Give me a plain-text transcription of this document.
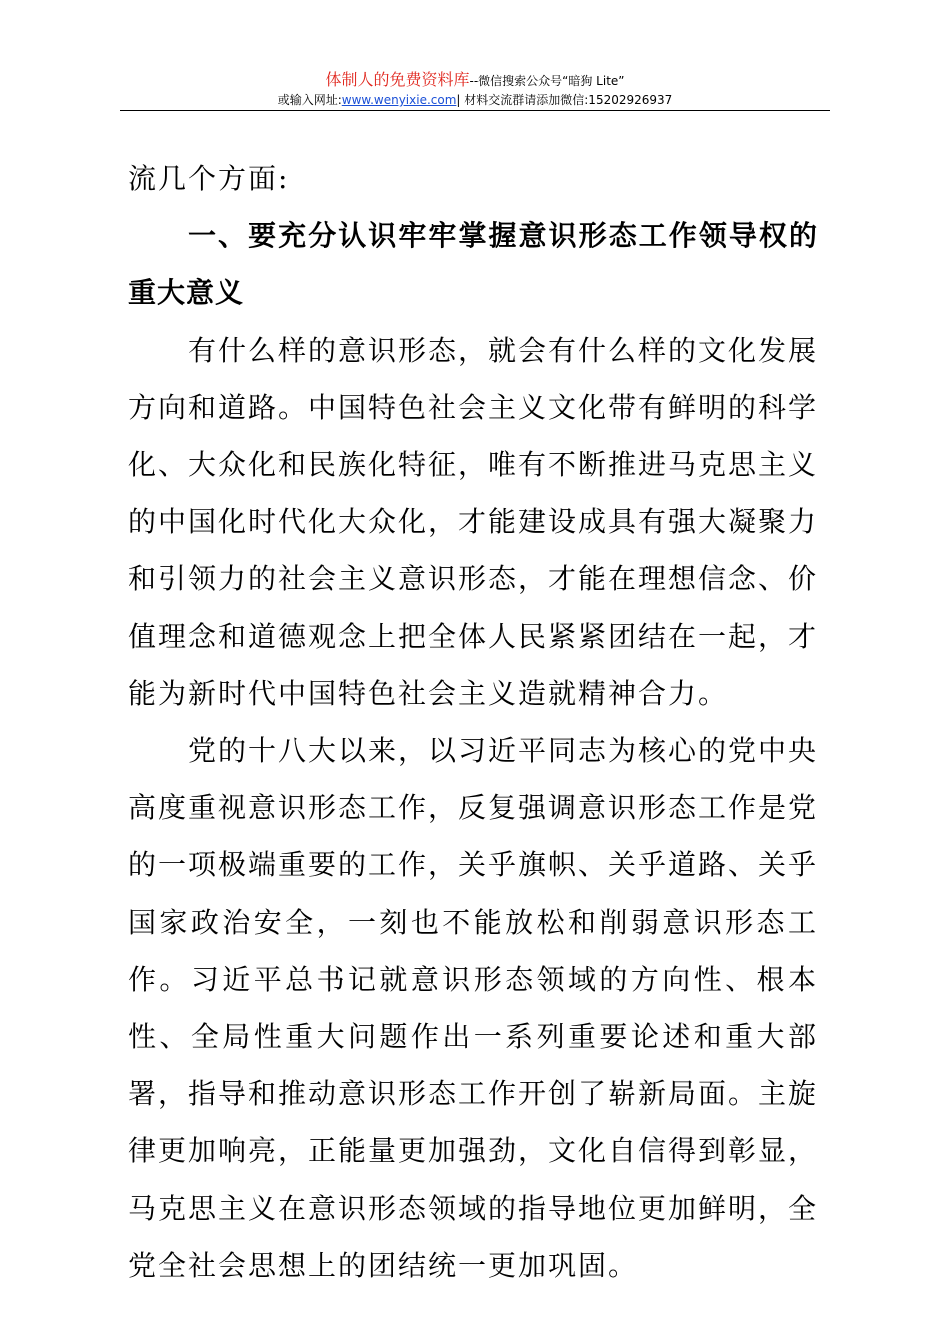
体制人的免费资料库--微信搜索公众号“暗狗 Lite”
或输入网址:www.wenyixie.com| 材料交流群请添加微信:15202926937

流几个方面:

一、要充分认识牢牢掌握意识形态工作领导权的重大意义

有什么样的意识形态，就会有什么样的文化发展方向和道路。中国特色社会主义文化带有鲜明的科学化、大众化和民族化特征，唯有不断推进马克思主义的中国化时代化大众化，才能建设成具有强大凝聚力和引领力的社会主义意识形态，才能在理想信念、价值理念和道德观念上把全体人民紧紧团结在一起，才能为新时代中国特色社会主义造就精神合力。

党的十八大以来，以习近平同志为核心的党中央高度重视意识形态工作，反复强调意识形态工作是党的一项极端重要的工作，关乎旗帜、关乎道路、关乎国家政治安全，一刻也不能放松和削弱意识形态工作。习近平总书记就意识形态领域的方向性、根本性、全局性重大问题作出一系列重要论述和重大部署，指导和推动意识形态工作开创了崭新局面。主旋律更加响亮，正能量更加强劲，文化自信得到彰显，马克思主义在意识形态领域的指导地位更加鲜明，全党全社会思想上的团结统一更加巩固。
